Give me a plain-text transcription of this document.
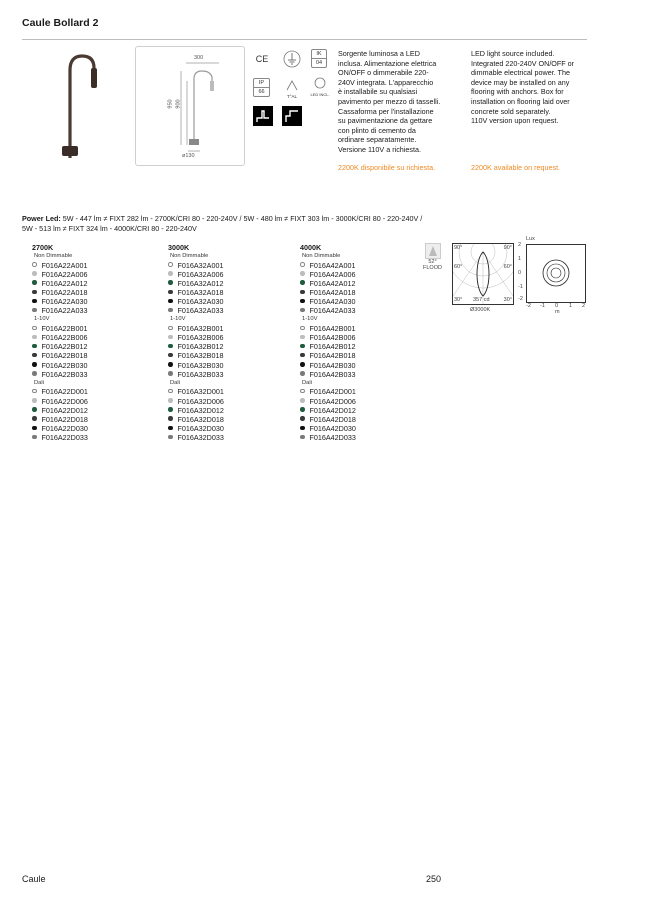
Caule Bollard 2
300
950 900
ø130
CE	IK
04
IP
66
T°AL	LED INCL.
Sorgente luminosa a LED
inclusa. Alimentazione elettrica
ON/OFF o dimmerabile 220-
240V integrata. L'apparecchio
è installabile su qualsiasi
pavimento per mezzo di tasselli.
Cassaforma per l'installazione
su pavimentazione da gettare
con plinto di cemento da
ordinare separatamente.
Versione 110V a richiesta.
LED light source included.
Integrated 220-240V ON/OFF or
dimmable electrical power. The
device may be installed on any
flooring with anchors. Box for
installation on flooring laid over
concrete sold separately.
110V version upon request.
2200K disponibile su richiesta.	2200K available on request.
Power Led: 5W - 447 lm ≠ FIXT 282 lm - 2700K/CRI 80 - 220-240V / 5W - 480 lm ≠ FIXT 303 lm - 3000K/CRI 80 - 220-240V /
5W - 513 lm ≠ FIXT 324 lm - 4000K/CRI 80 - 220-240V
2700K
Non Dimmable
F016A22A001
F016A22A006
F016A22A012
F016A22A018
F016A22A030
F016A22A033
1-10V
F016A22B001
F016A22B006
F016A22B012
F016A22B018
F016A22B030
F016A22B033
Dali
F016A22D001
F016A22D006
F016A22D012
F016A22D018
F016A22D030
F016A22D033
3000K
Non Dimmable
F016A32A001
F016A32A006
F016A32A012
F016A32A018
F016A32A030
F016A32A033
1-10V
F016A32B001
F016A32B006
F016A32B012
F016A32B018
F016A32B030
F016A32B033
Dali
F016A32D001
F016A32D006
F016A32D012
F016A32D018
F016A32D030
F016A32D033
4000K
Non Dimmable
F016A42A001
F016A42A006
F016A42A012
F016A42A018
F016A42A030
F016A42A033
1-10V
F016A42B001
F016A42B006
F016A42B012
F016A42B018
F016A42B030
F016A42B033
Dali
F016A42D001
F016A42D006
F016A42D012
F016A42D018
F016A42D030
F016A42D033
52°
FLOOD
90°	90°
60°	60°
30° 357 cd	30°
Ø3000K
Lux
2
1
0
-1
-2
-2 -1 0 1 2
m
Caule	250
